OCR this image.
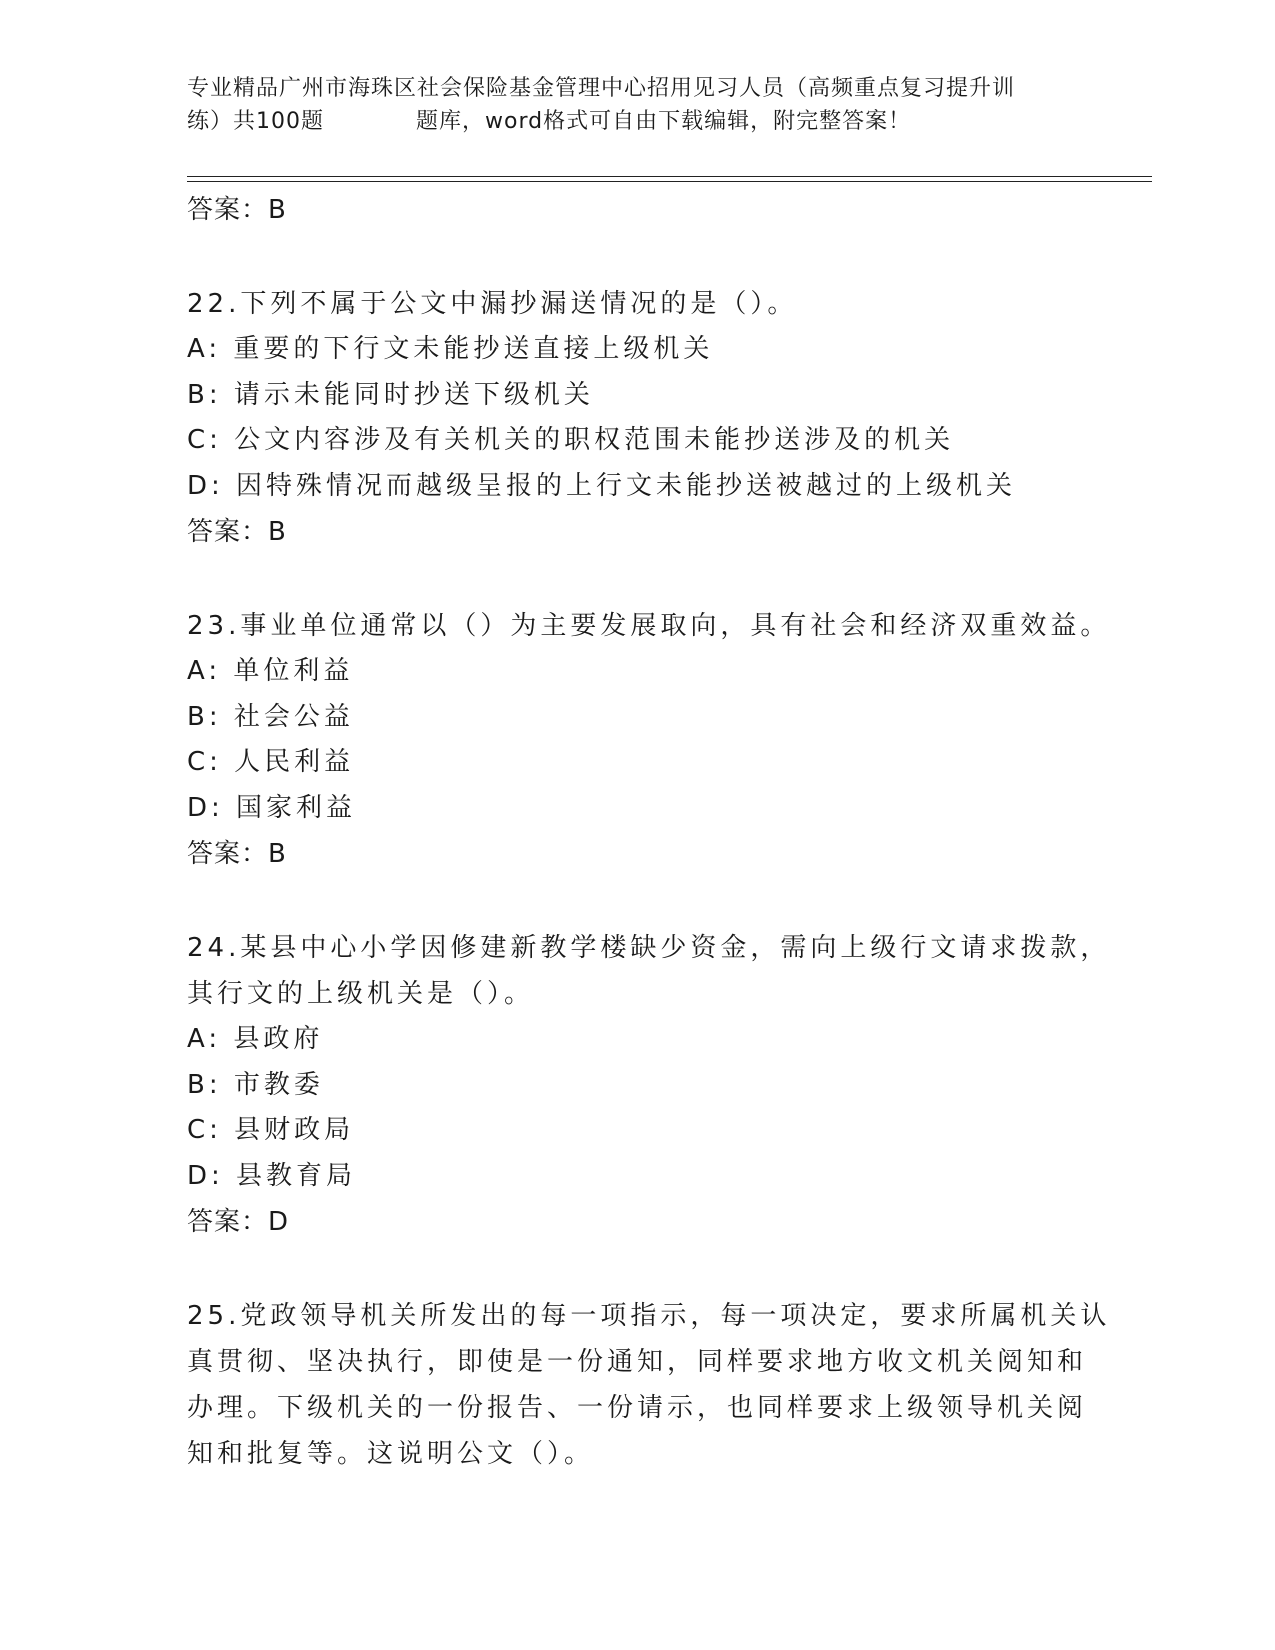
专业精品广州市海珠区社会保险基金管理中心招用见习人员（高频重点复习提升训
练）共100题　　　　题库，word格式可自由下载编辑，附完整答案！
答案：B
22.下列不属于公文中漏抄漏送情况的是（）。
A: 重要的下行文未能抄送直接上级机关
B: 请示未能同时抄送下级机关
C: 公文内容涉及有关机关的职权范围未能抄送涉及的机关
D: 因特殊情况而越级呈报的上行文未能抄送被越过的上级机关
答案：B
23.事业单位通常以（）为主要发展取向，具有社会和经济双重效益。
A: 单位利益
B: 社会公益
C: 人民利益
D: 国家利益
答案：B
24.某县中心小学因修建新教学楼缺少资金，需向上级行文请求拨款，
其行文的上级机关是（）。
A: 县政府
B: 市教委
C: 县财政局
D: 县教育局
答案：D
25.党政领导机关所发出的每一项指示，每一项决定，要求所属机关认
真贯彻、坚决执行，即使是一份通知，同样要求地方收文机关阅知和
办理。下级机关的一份报告、一份请示，也同样要求上级领导机关阅
知和批复等。这说明公文（）。
